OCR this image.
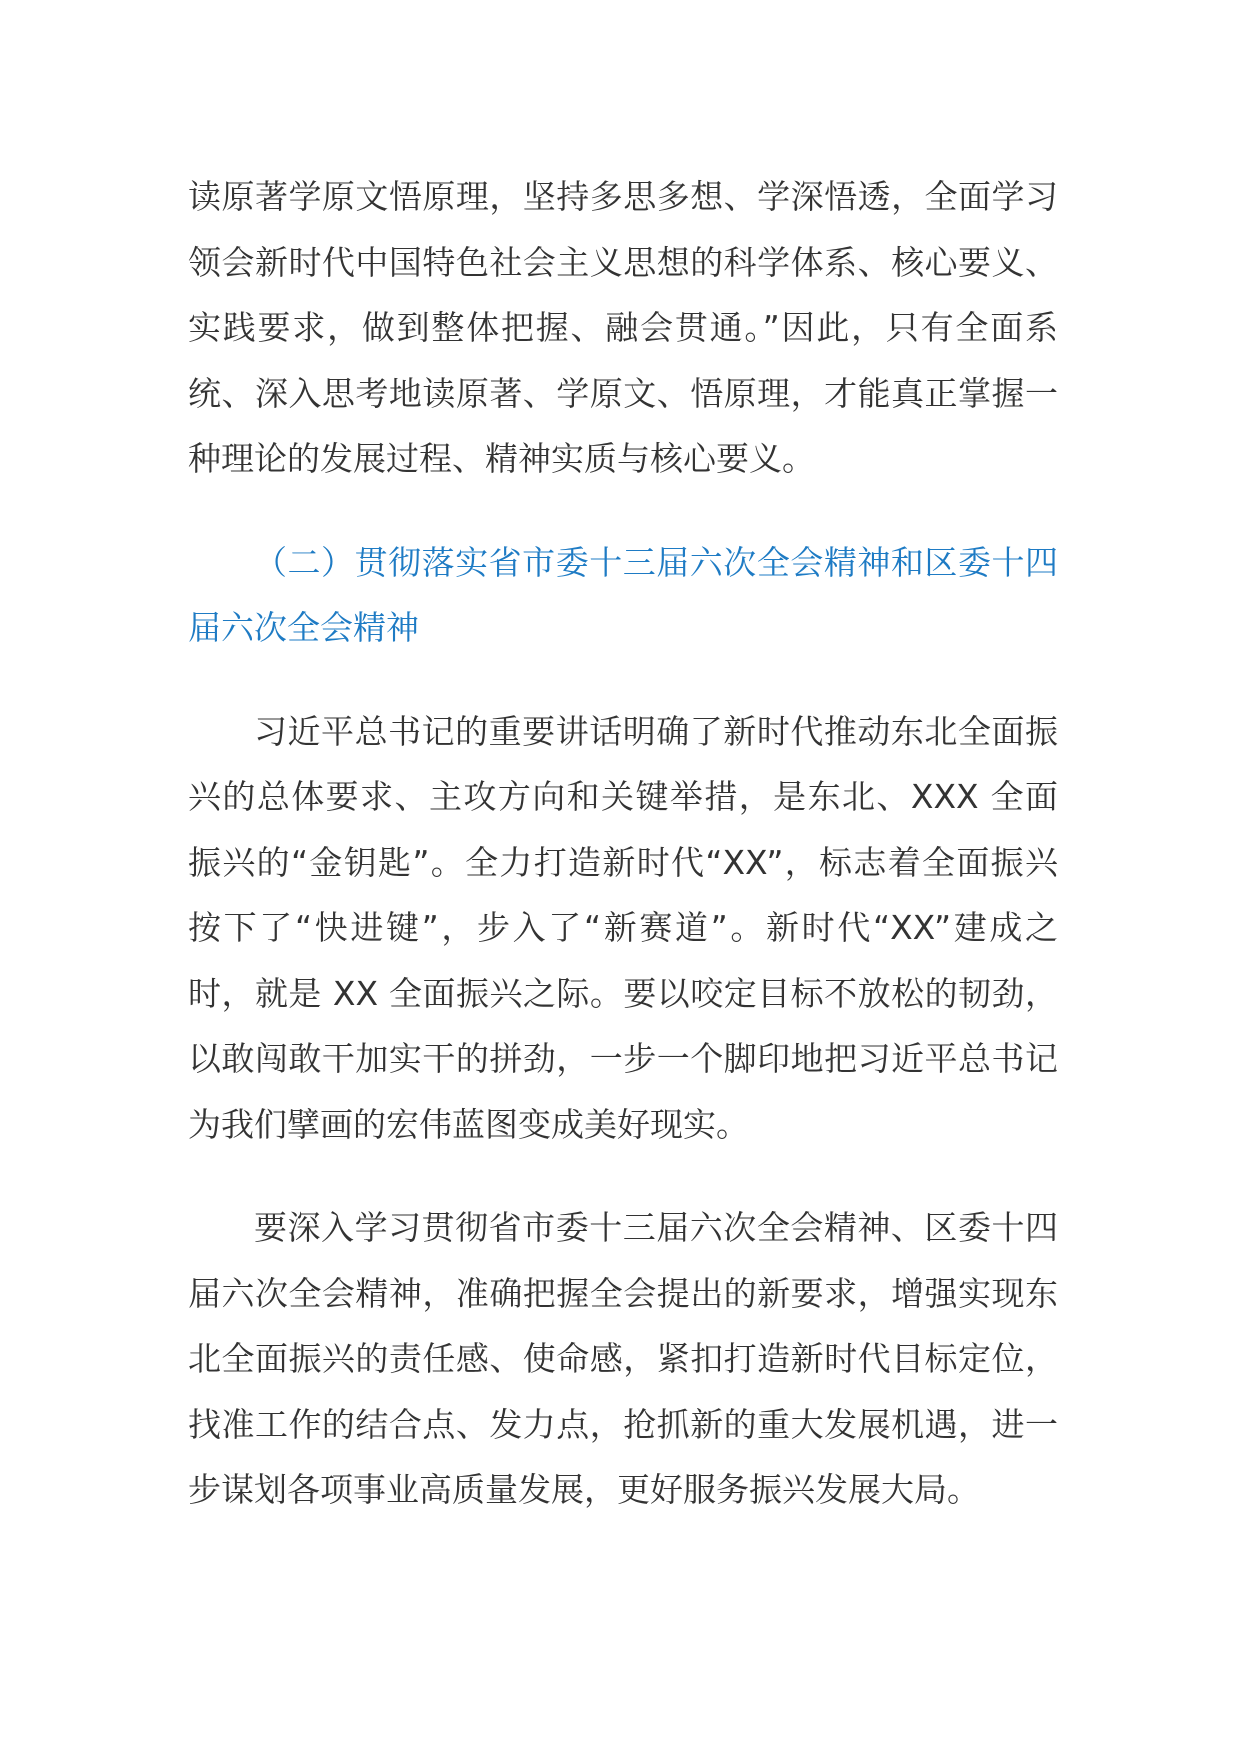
读原著学原文悟原理，坚持多思多想、学深悟透，全面学习领会新时代中国特色社会主义思想的科学体系、核心要义、实践要求，做到整体把握、融会贯通。”因此，只有全面系统、深入思考地读原著、学原文、悟原理，才能真正掌握一种理论的发展过程、精神实质与核心要义。

（二）贯彻落实省市委十三届六次全会精神和区委十四届六次全会精神

习近平总书记的重要讲话明确了新时代推动东北全面振兴的总体要求、主攻方向和关键举措，是东北、XXX 全面振兴的“金钥匙”。全力打造新时代“XX”，标志着全面振兴按下了“快进键”，步入了“新赛道”。新时代“XX”建成之时，就是 XX 全面振兴之际。要以咬定目标不放松的韧劲，以敢闯敢干加实干的拼劲，一步一个脚印地把习近平总书记为我们擘画的宏伟蓝图变成美好现实。

要深入学习贯彻省市委十三届六次全会精神、区委十四届六次全会精神，准确把握全会提出的新要求，增强实现东北全面振兴的责任感、使命感，紧扣打造新时代目标定位，找准工作的结合点、发力点，抢抓新的重大发展机遇，进一步谋划各项事业高质量发展，更好服务振兴发展大局。
